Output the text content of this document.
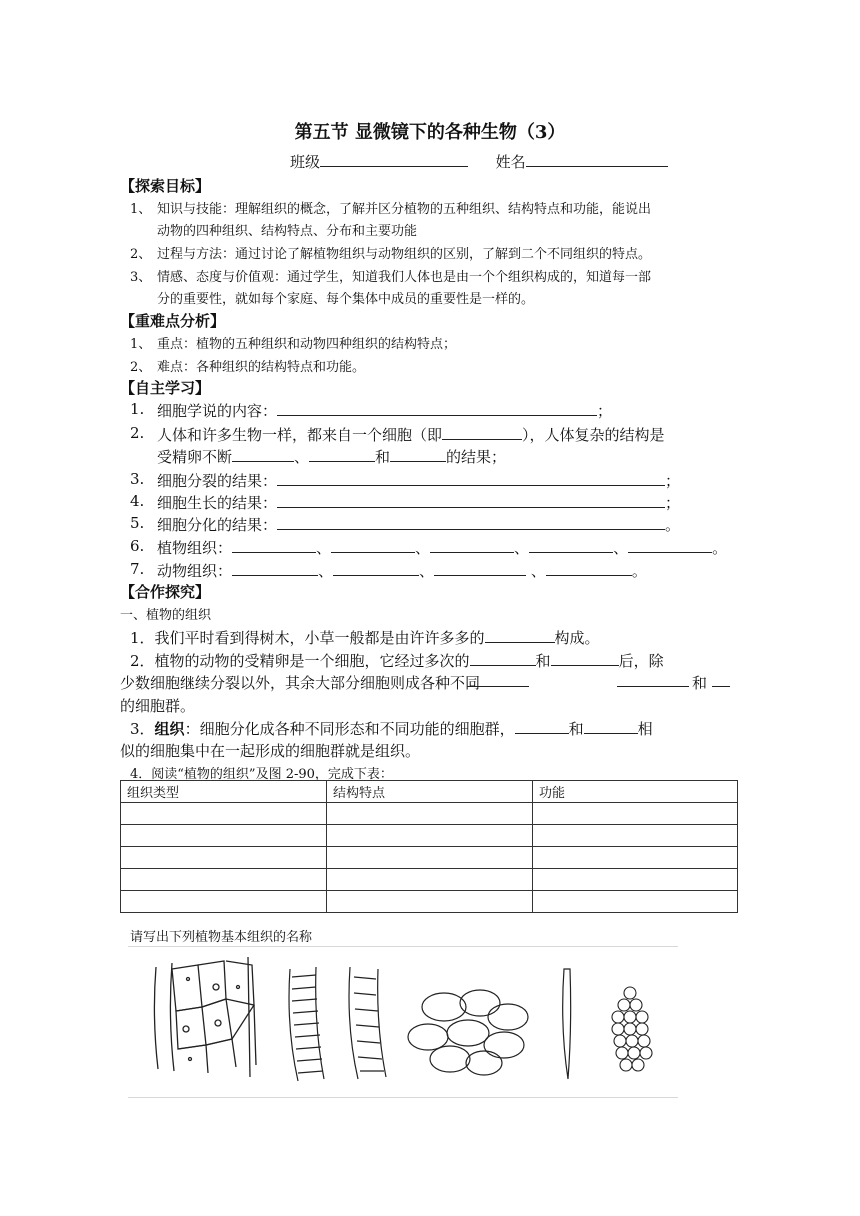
第五节 显微镜下的各种生物（3）
班级	姓名
【探索目标】
1、 知识与技能：理解组织的概念，了解并区分植物的五种组织、结构特点和功能，能说出
动物的四种组织、结构特点、分布和主要功能
2、 过程与方法：通过讨论了解植物组织与动物组织的区别，了解到二个不同组织的特点。
3、 情感、态度与价值观：通过学生，知道我们人体也是由一个个组织构成的，知道每一部
分的重要性，就如每个家庭、每个集体中成员的重要性是一样的。
【重难点分析】
1、 重点：植物的五种组织和动物四种组织的结构特点；
2、 难点：各种组织的结构特点和功能。
【自主学习】
1. 细胞学说的内容：	；
2. 人体和许多生物一样，都来自一个细胞（即	），人体复杂的结构是
受精卵不断	、	和	的结果；
3. 细胞分裂的结果：	；
4. 细胞生长的结果：	；
5. 细胞分化的结果：	。
6. 植物组织：	、	、	、	、	。
7. 动物组织：	、	、	、	。
【合作探究】
一、植物的组织
1．我们平时看到得树木，小草一般都是由许许多多的	构成。
2．植物的动物的受精卵是一个细胞，它经过多次的	和	后，除
少数细胞继续分裂以外，其余大部分细胞则成各种不同
的细胞群。
和
3．组织：细胞分化成各种不同形态和不同功能的细胞群，	和	相
似的细胞集中在一起形成的细胞群就是组织。
4．阅读“植物的组织”及图 2-90，完成下表：
组织类型	结构特点	功能

请写出下列植物基本组织的名称
